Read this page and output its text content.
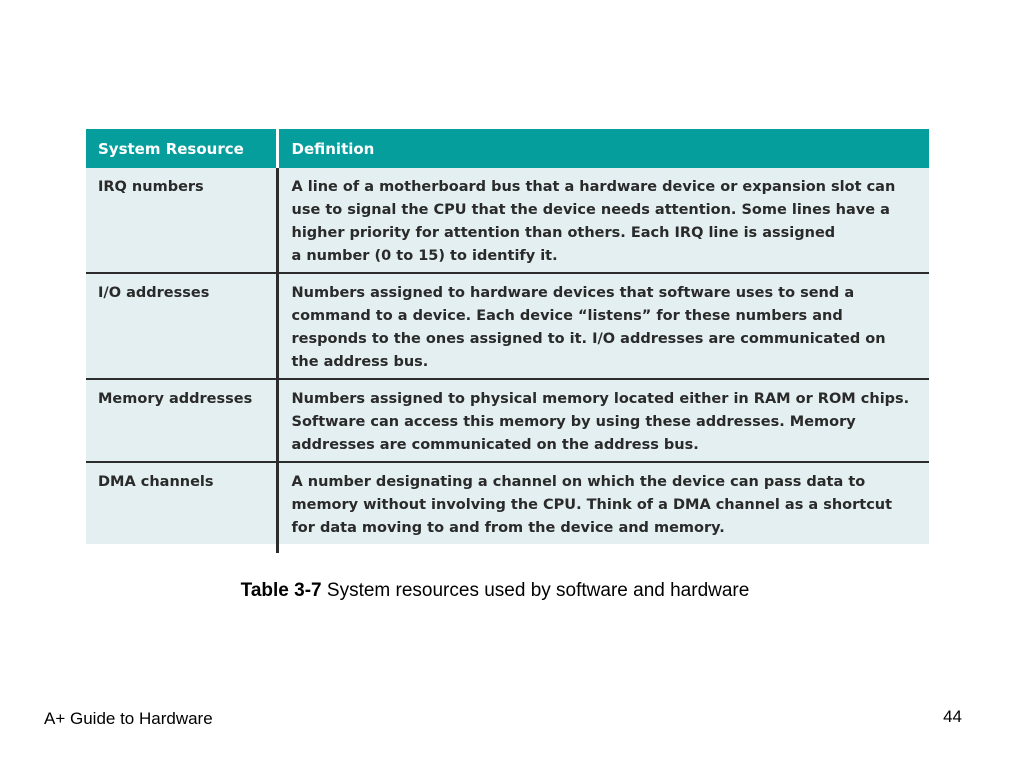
System Resource	Definition
IRQ numbers	A line of a motherboard bus that a hardware device or expansion slot can
use to signal the CPU that the device needs attention. Some lines have a
higher priority for attention than others. Each IRQ line is assigned
a number (0 to 15) to identify it.

I/O addresses	Numbers assigned to hardware devices that software uses to send a
command to a device. Each device “listens” for these numbers and
responds to the ones assigned to it. I/O addresses are communicated on
the address bus.

Memory addresses	Numbers assigned to physical memory located either in RAM or ROM chips.
Software can access this memory by using these addresses. Memory
addresses are communicated on the address bus.

DMA channels	A number designating a channel on which the device can pass data to
memory without involving the CPU. Think of a DMA channel as a shortcut
for data moving to and from the device and memory.
Table 3-7 System resources used by software and hardware
A+ Guide to Hardware	44
